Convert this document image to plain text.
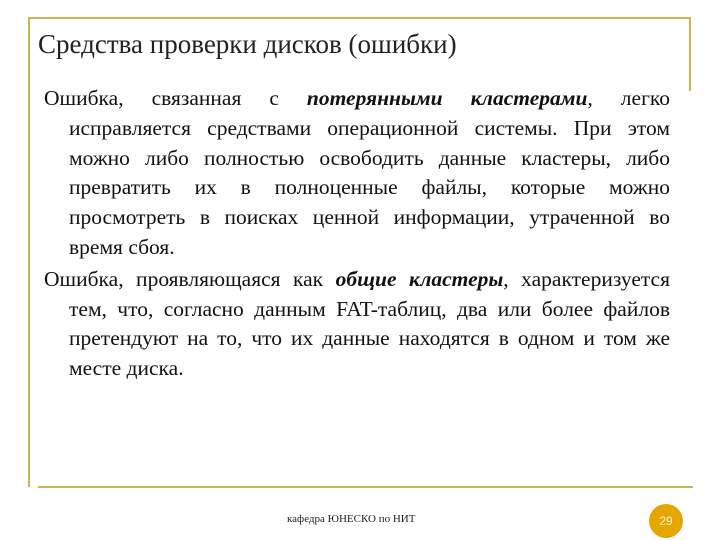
Средства проверки дисков (ошибки)

Ошибка, связанная с потерянными кластерами, легко исправляется средствами операционной системы. При этом можно либо полностью освободить данные кластеры, либо превратить их в полноценные файлы, которые можно просмотреть в поисках ценной информации, утраченной во время сбоя.

Ошибка, проявляющаяся как общие кластеры, характеризуется тем, что, согласно данным FAT-таблиц, два или более файлов претендуют на то, что их данные находятся в одном и том же месте диска.

кафедра ЮНЕСКО по НИТ	29
